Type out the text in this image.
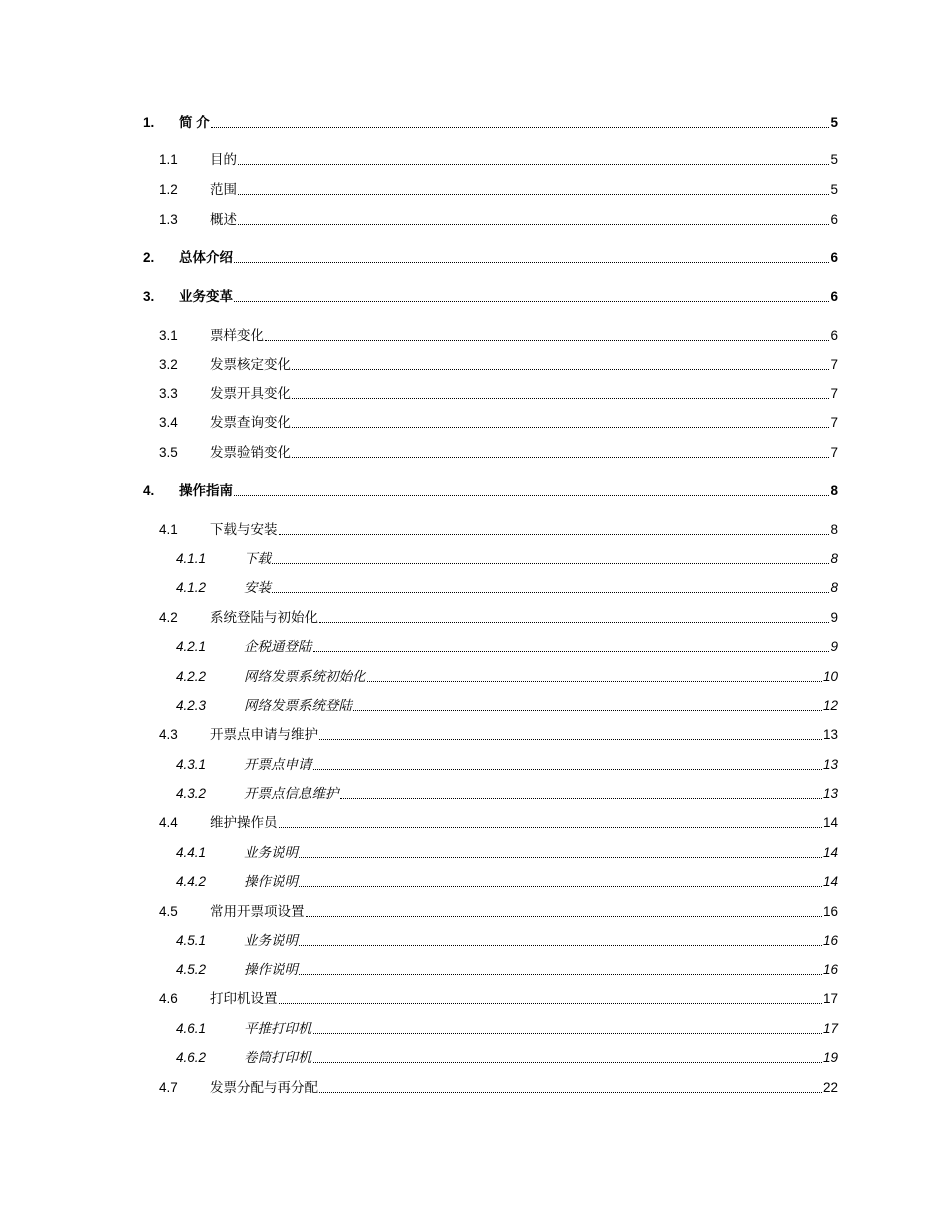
1.	简 介	5
1.1	目的	5
1.2	范围	5
1.3	概述	6
2.	总体介绍	6
3.	业务变革	6
3.1	票样变化	6
3.2	发票核定变化	7
3.3	发票开具变化	7
3.4	发票查询变化	7
3.5	发票验销变化	7
4.	操作指南	8
4.1	下载与安装	8
4.1.1	下载	8
4.1.2	安装	8
4.2	系统登陆与初始化	9
4.2.1	企税通登陆	9
4.2.2	网络发票系统初始化	10
4.2.3	网络发票系统登陆	12
4.3	开票点申请与维护	13
4.3.1	开票点申请	13
4.3.2	开票点信息维护	13
4.4	维护操作员	14
4.4.1	业务说明	14
4.4.2	操作说明	14
4.5	常用开票项设置	16
4.5.1	业务说明	16
4.5.2	操作说明	16
4.6	打印机设置	17
4.6.1	平推打印机	17
4.6.2	卷筒打印机	19
4.7	发票分配与再分配	22
